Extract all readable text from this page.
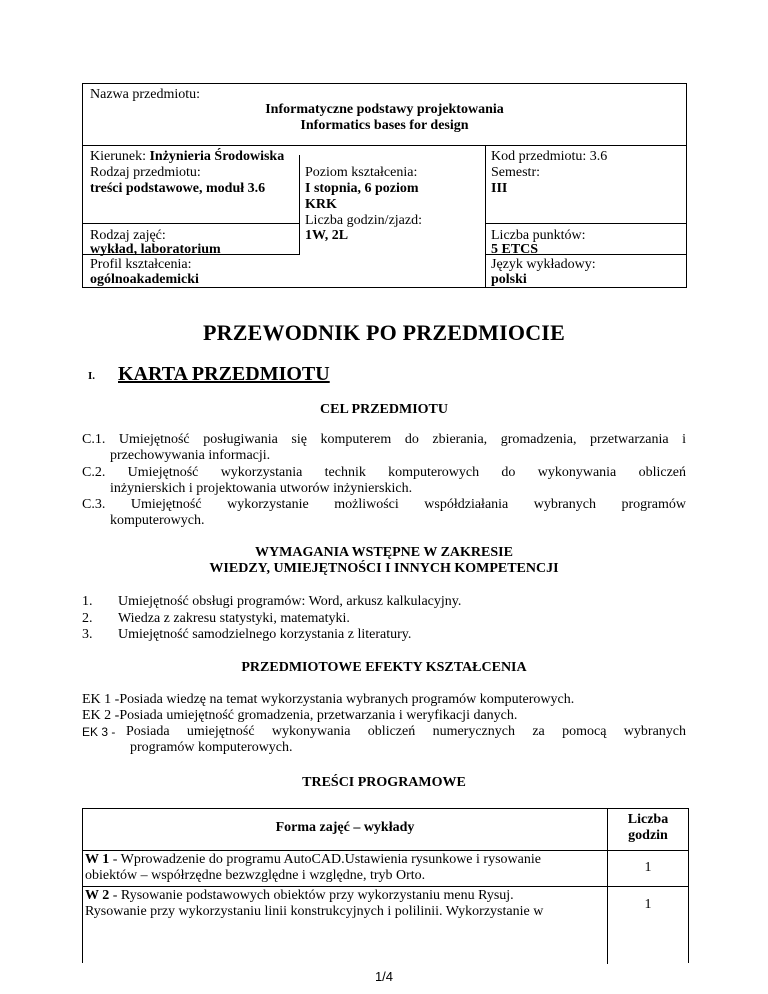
Nazwa przedmiotu:
Informatyczne podstawy projektowania
Informatics bases for design
Kierunek: Inżynieria Środowiska
Rodzaj przedmiotu:
treści podstawowe, moduł 3.6
Rodzaj zajęć:
wykład, laboratorium
Profil kształcenia:
ogólnoakademicki
Poziom kształcenia:
I stopnia, 6 poziom
KRK
Liczba godzin/zjazd:
1W, 2L
Kod przedmiotu: 3.6
Semestr:
III
Liczba punktów:
5 ETCS
Język wykładowy:
polski
PRZEWODNIK PO PRZEDMIOCIE
I. KARTA PRZEDMIOTU
CEL PRZEDMIOTU
C.1. Umiejętność posługiwania się komputerem do zbierania, gromadzenia, przetwarzania i
przechowywania informacji.
C.2. Umiejętność wykorzystania technik komputerowych do wykonywania obliczeń
inżynierskich i projektowania utworów inżynierskich.
C.3. Umiejętność wykorzystanie możliwości współdziałania wybranych programów
komputerowych.
WYMAGANIA WSTĘPNE W ZAKRESIE
WIEDZY, UMIEJĘTNOŚCI I INNYCH KOMPETENCJI
1. Umiejętność obsługi programów: Word, arkusz kalkulacyjny.
2. Wiedza z zakresu statystyki, matematyki.
3. Umiejętność samodzielnego korzystania z literatury.
PRZEDMIOTOWE EFEKTY KSZTAŁCENIA
EK 1 -Posiada wiedzę na temat wykorzystania wybranych programów komputerowych.
EK 2 -Posiada umiejętność gromadzenia, przetwarzania i weryfikacji danych.
EK 3 - Posiada umiejętność wykonywania obliczeń numerycznych za pomocą wybranych
programów komputerowych.
TREŚCI PROGRAMOWE
Forma zajęć – wykłady
Liczba
godzin
W 1 - Wprowadzenie do programu AutoCAD.Ustawienia rysunkowe i rysowanie
obiektów – współrzędne bezwzględne i względne, tryb Orto.
1
W 2 - Rysowanie podstawowych obiektów przy wykorzystaniu menu Rysuj.
Rysowanie przy wykorzystaniu linii konstrukcyjnych i polilinii. Wykorzystanie w	1
1/4
